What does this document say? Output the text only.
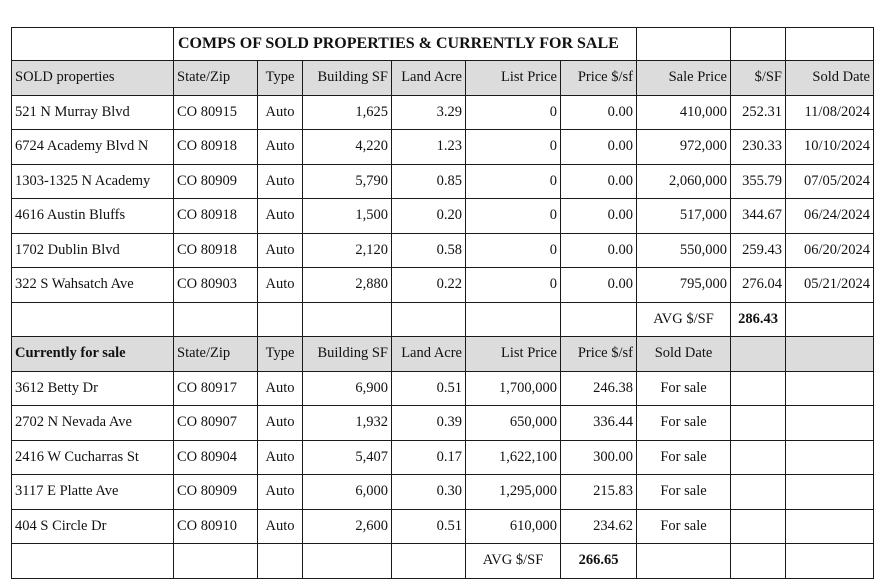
	COMPS OF SOLD PROPERTIES & CURRENTLY FOR SALE								
SOLD properties	State/Zip	Type	Building SF	Land Acre	List Price	Price $/sf	Sale Price	$/SF	Sold Date
521 N Murray Blvd	CO 80915	Auto	1,625	3.29	0	0.00	410,000	252.31	11/08/2024
6724 Academy Blvd N	CO 80918	Auto	4,220	1.23	0	0.00	972,000	230.33	10/10/2024
1303-1325 N Academy	CO 80909	Auto	5,790	0.85	0	0.00	2,060,000	355.79	07/05/2024
4616 Austin Bluffs	CO 80918	Auto	1,500	0.20	0	0.00	517,000	344.67	06/24/2024
1702 Dublin Blvd	CO 80918	Auto	2,120	0.58	0	0.00	550,000	259.43	06/20/2024
322 S Wahsatch Ave	CO 80903	Auto	2,880	0.22	0	0.00	795,000	276.04	05/21/2024
							AVG $/SF	286.43	
Currently for sale	State/Zip	Type	Building SF	Land Acre	List Price	Price $/sf	Sold Date		
3612 Betty Dr	CO 80917	Auto	6,900	0.51	1,700,000	246.38	For sale		
2702 N Nevada Ave	CO 80907	Auto	1,932	0.39	650,000	336.44	For sale		
2416 W Cucharras St	CO 80904	Auto	5,407	0.17	1,622,100	300.00	For sale		
3117 E Platte Ave	CO 80909	Auto	6,000	0.30	1,295,000	215.83	For sale		
404 S Circle Dr	CO 80910	Auto	2,600	0.51	610,000	234.62	For sale		
					AVG $/SF	266.65			
